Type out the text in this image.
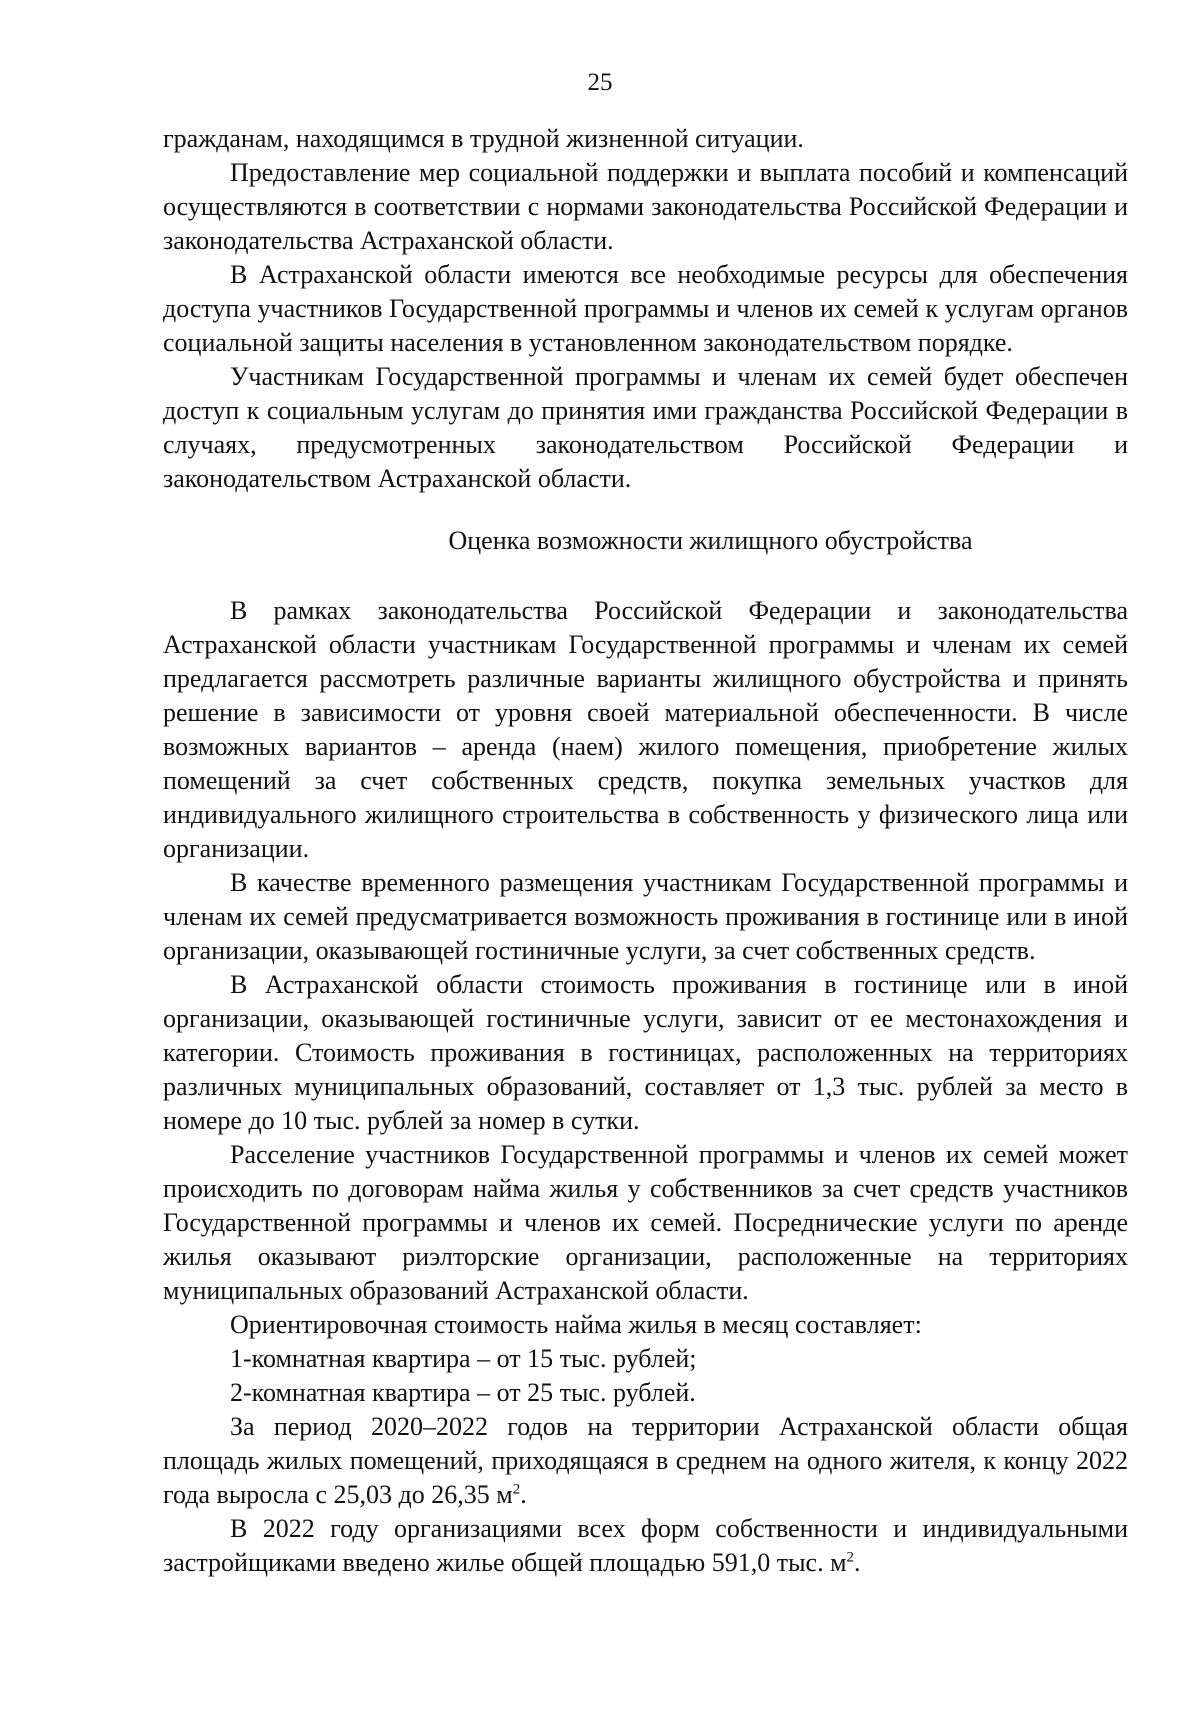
25

гражданам, находящимся в трудной жизненной ситуации.

Предоставление мер социальной поддержки и выплата пособий и компенсаций осуществляются в соответствии с нормами законодательства Российской Федерации и законодательства Астраханской области.

В Астраханской области имеются все необходимые ресурсы для обеспечения доступа участников Государственной программы и членов их семей к услугам органов социальной защиты населения в установленном законодательством порядке.

Участникам Государственной программы и членам их семей будет обеспечен доступ к социальным услугам до принятия ими гражданства Российской Федерации в случаях, предусмотренных законодательством Российской Федерации и законодательством Астраханской области.

Оценка возможности жилищного обустройства

В рамках законодательства Российской Федерации и законодательства Астраханской области участникам Государственной программы и членам их семей предлагается рассмотреть различные варианты жилищного обустройства и принять решение в зависимости от уровня своей материальной обеспеченности. В числе возможных вариантов – аренда (наем) жилого помещения, приобретение жилых помещений за счет собственных средств, покупка земельных участков для индивидуального жилищного строительства в собственность у физического лица или организации.

В качестве временного размещения участникам Государственной программы и членам их семей предусматривается возможность проживания в гостинице или в иной организации, оказывающей гостиничные услуги, за счет собственных средств.

В Астраханской области стоимость проживания в гостинице или в иной организации, оказывающей гостиничные услуги, зависит от ее местонахождения и категории. Стоимость проживания в гостиницах, расположенных на территориях различных муниципальных образований, составляет от 1,3 тыс. рублей за место в номере до 10 тыс. рублей за номер в сутки.

Расселение участников Государственной программы и членов их семей может происходить по договорам найма жилья у собственников за счет средств участников Государственной программы и членов их семей. Посреднические услуги по аренде жилья оказывают риэлторские организации, расположенные на территориях муниципальных образований Астраханской области.

Ориентировочная стоимость найма жилья в месяц составляет:

1-комнатная квартира – от 15 тыс. рублей;

2-комнатная квартира – от 25 тыс. рублей.

За период 2020–2022 годов на территории Астраханской области общая площадь жилых помещений, приходящаяся в среднем на одного жителя, к концу 2022 года выросла с 25,03 до 26,35 $м^2$.

В 2022 году организациями всех форм собственности и индивидуальными застройщиками введено жилье общей площадью 591,0 тыс. $м^2$.
